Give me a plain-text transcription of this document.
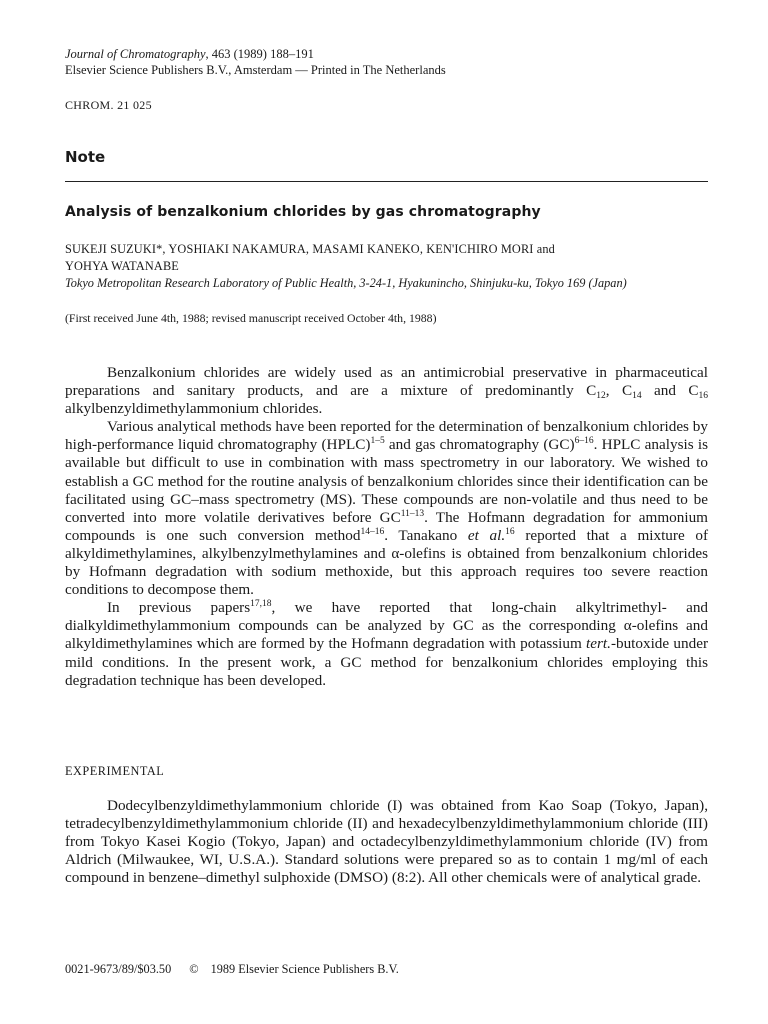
Journal of Chromatography, 463 (1989) 188–191
Elsevier Science Publishers B.V., Amsterdam — Printed in The Netherlands
CHROM. 21 025
Note
Analysis of benzalkonium chlorides by gas chromatography
SUKEJI SUZUKI*, YOSHIAKI NAKAMURA, MASAMI KANEKO, KEN'ICHIRO MORI and
YOHYA WATANABE
Tokyo Metropolitan Research Laboratory of Public Health, 3-24-1, Hyakunincho, Shinjuku-ku, Tokyo 169 (Japan)
(First received June 4th, 1988; revised manuscript received October 4th, 1988)

Benzalkonium chlorides are widely used as an antimicrobial preservative in pharmaceutical preparations and sanitary products, and are a mixture of predominantly $C_{12}$, $C_{14}$ and $C_{16}$ alkylbenzyldimethylammonium chlorides.

Various analytical methods have been reported for the determination of benzalkonium chlorides by high-performance liquid chromatography (HPLC)$^{1-5}$ and gas chromatography (GC)$^{6-16}$. HPLC analysis is available but difficult to use in combination with mass spectrometry in our laboratory. We wished to establish a GC method for the routine analysis of benzalkonium chlorides since their identification can be facilitated using GC–mass spectrometry (MS). These compounds are non-volatile and thus need to be converted into more volatile derivatives before GC$^{11-13}$. The Hofmann degradation for ammonium compounds is one such conversion method$^{14-16}$. Tanakano et al.$^{16}$ reported that a mixture of alkyldimethylamines, alkylbenzylmethylamines and α-olefins is obtained from benzalkonium chlorides by Hofmann degradation with sodium methoxide, but this approach requires too severe reaction conditions to decompose them.

In previous papers$^{17,18}$, we have reported that long-chain alkyltrimethyl- and dialkyldimethylammonium compounds can be analyzed by GC as the corresponding α-olefins and alkyldimethylamines which are formed by the Hofmann degradation with potassium tert.-butoxide under mild conditions. In the present work, a GC method for benzalkonium chlorides employing this degradation technique has been developed.

EXPERIMENTAL

Dodecylbenzyldimethylammonium chloride (I) was obtained from Kao Soap (Tokyo, Japan), tetradecylbenzyldimethylammonium chloride (II) and hexadecylbenzyldimethylammonium chloride (III) from Tokyo Kasei Kogio (Tokyo, Japan) and octadecylbenzyldimethylammonium chloride (IV) from Aldrich (Milwaukee, WI, U.S.A.). Standard solutions were prepared so as to contain 1 mg/ml of each compound in benzene–dimethyl sulphoxide (DMSO) (8:2). All other chemicals were of analytical grade.

0021-9673/89/$03.50 © 1989 Elsevier Science Publishers B.V.
